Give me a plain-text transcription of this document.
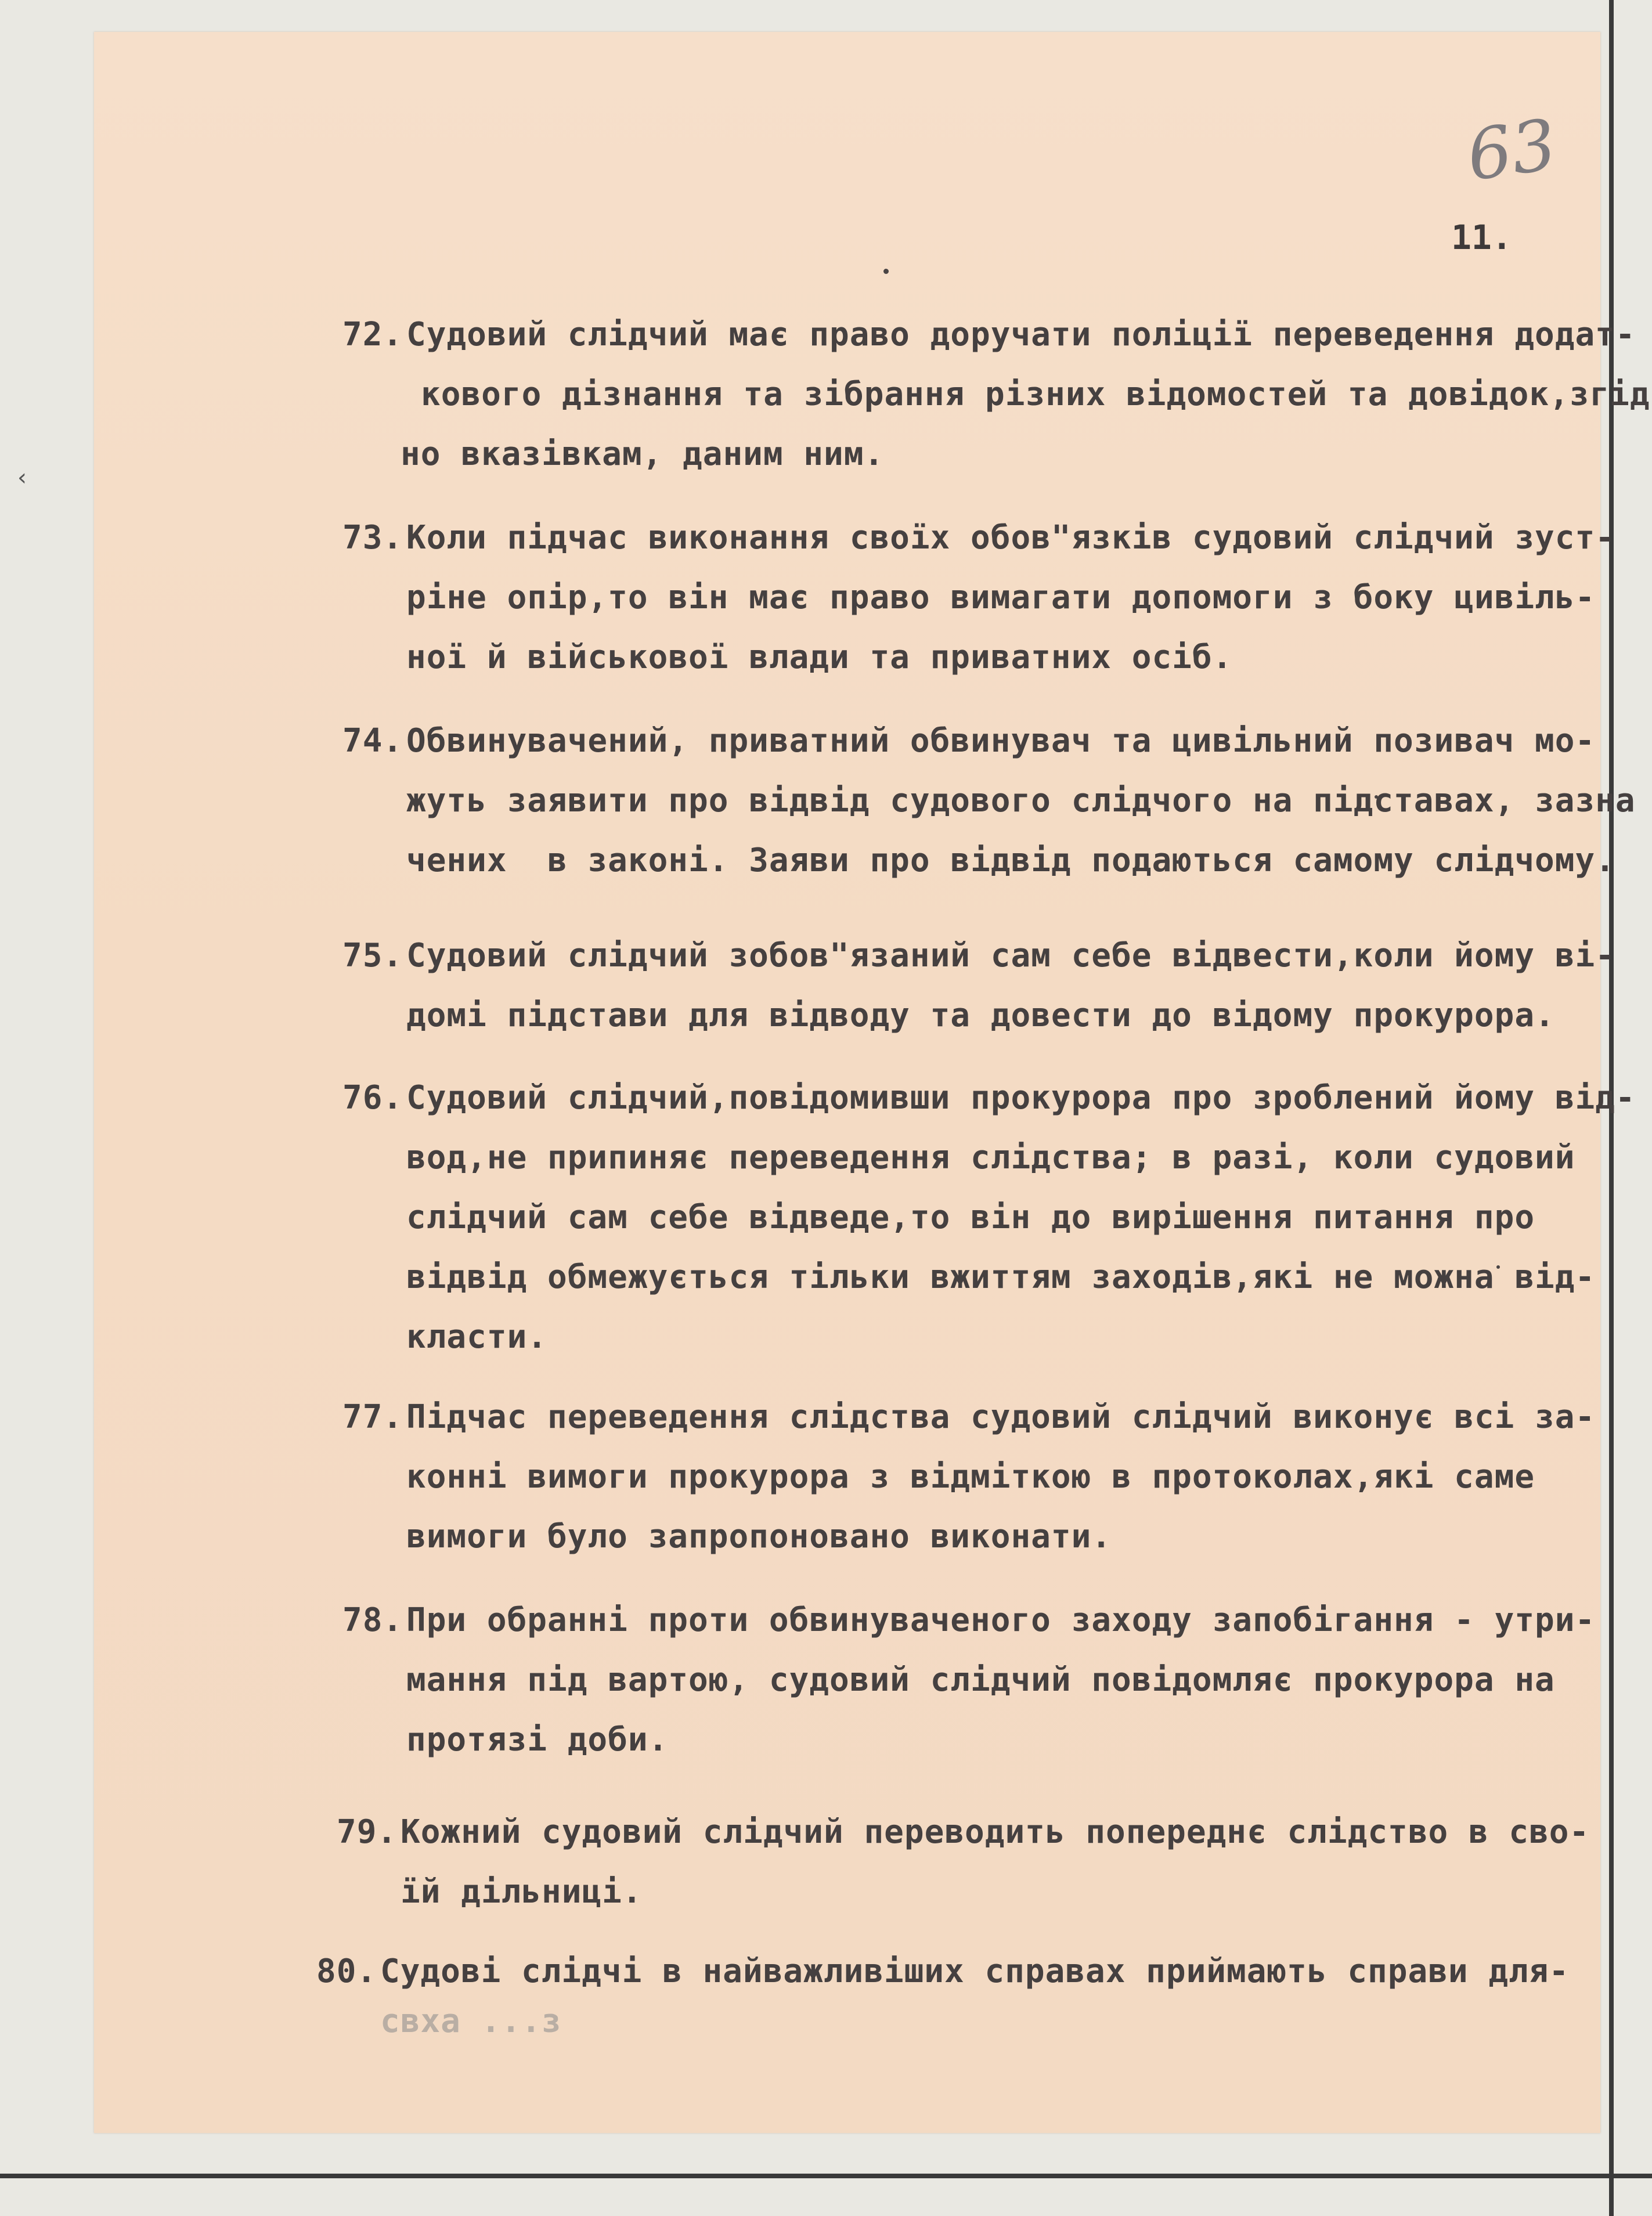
63
11.
‹
72. Судовий слідчий має право доручати поліції переведення додат-
кового дізнання та зібрання різних відомостей та довідок,згід
но вказівкам, даним ним.
73. Коли підчас виконання своїх обов"язків судовий слідчий зуст-
ріне опір,то він має право вимагати допомоги з боку цивіль-
ної й військової влади та приватних осіб.
74. Обвинувачений, приватний обвинувач та цивільний позивач мо-
жуть заявити про відвід судового слідчого на підставах, зазна
чених  в законі. Заяви про відвід подаються самому слідчому.
75. Судовий слідчий зобов"язаний сам себе відвести,коли йому ві-
домі підстави для відводу та довести до відому прокурора.
76. Судовий слідчий,повідомивши прокурора про зроблений йому від-
вод,не припиняє переведення слідства; в разі, коли судовий
слідчий сам себе відведе,то він до вирішення питання про
відвід обмежується тільки вжиттям заходів,які не можна від-
класти.
77. Підчас переведення слідства судовий слідчий виконує всі за-
конні вимоги прокурора з відміткою в протоколах,які саме
вимоги було запропоновано виконати.
78. При обранні проти обвинуваченого заходу запобігання - утри-
мання під вартою, судовий слідчий повідомляє прокурора на
протязі доби.
79. Кожний судовий слідчий переводить попереднє слідство в сво-
їй дільниці.
80. Судові слідчі в найважливіших справах приймають справи для-
свха ...з
